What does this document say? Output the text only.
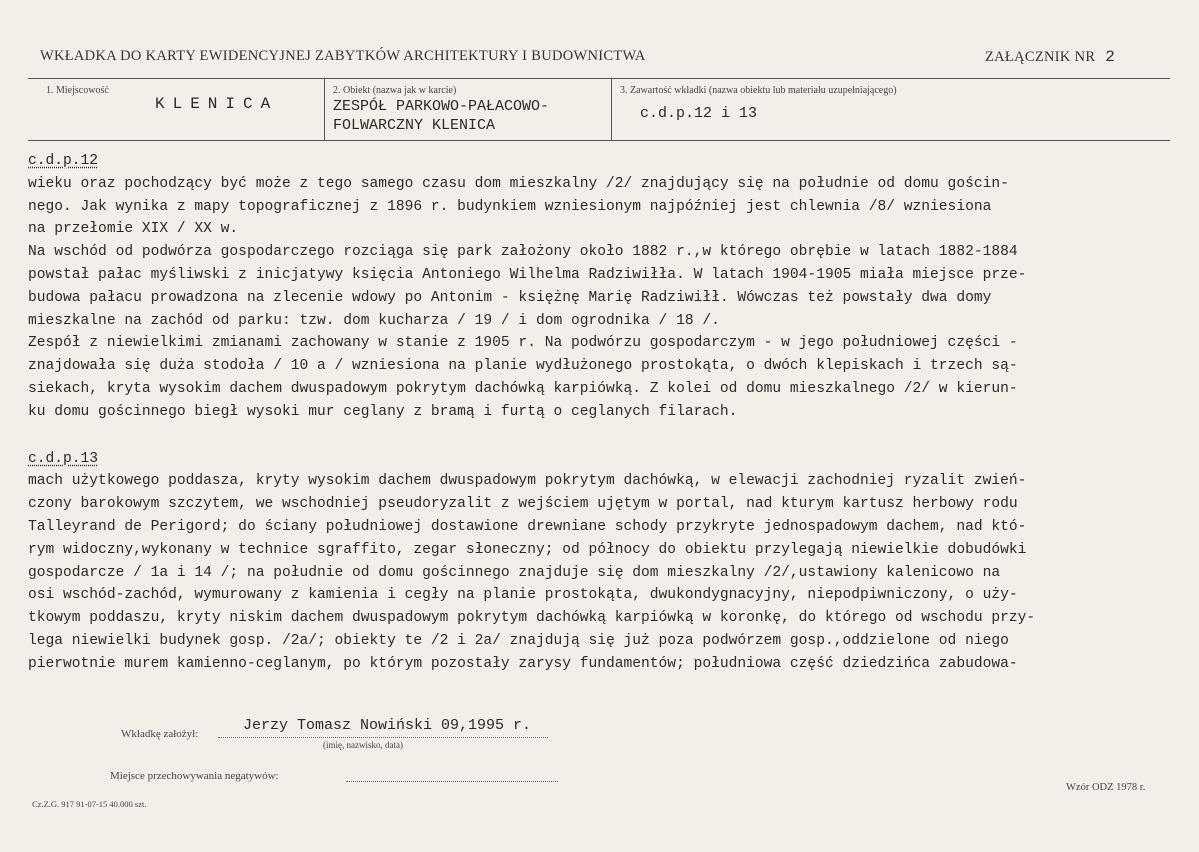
WKŁADKA DO KARTY EWIDENCYJNEJ ZABYTKÓW ARCHITEKTURY I BUDOWNICTWA	ZAŁĄCZNIK NR 2
1. Miejscowość
KLENICA
2. Obiekt (nazwa jak w karcie)
ZESPÓŁ PARKOWO-PAŁACOWO-
FOLWARCZNY KLENICA
3. Zawartość wkładki (nazwa obiektu lub materiału uzupełniającego)
c.d.p.12 i 13

c.d.p.12

wieku oraz pochodzący być może z tego samego czasu dom mieszkalny /2/ znajdujący się na południe od domu gościn-

nego. Jak wynika z mapy topograficznej z 1896 r. budynkiem wzniesionym najpóźniej jest chlewnia /8/ wzniesiona

na przełomie XIX / XX w.

Na wschód od podwórza gospodarczego rozciąga się park założony około 1882 r.,w którego obrębie w latach 1882-1884

powstał pałac myśliwski z inicjatywy księcia Antoniego Wilhelma Radziwiłła. W latach 1904-1905 miała miejsce prze-

budowa pałacu prowadzona na zlecenie wdowy po Antonim - księżnę Marię Radziwiłł. Wówczas też powstały dwa domy

mieszkalne na zachód od parku: tzw. dom kucharza / 19 / i dom ogrodnika / 18 /.

Zespół z niewielkimi zmianami zachowany w stanie z 1905 r. Na podwórzu gospodarczym - w jego południowej części -

znajdowała się duża stodoła / 10 a / wzniesiona na planie wydłużonego prostokąta, o dwóch klepiskach i trzech są-

siekach, kryta wysokim dachem dwuspadowym pokrytym dachówką karpiówką. Z kolei od domu mieszkalnego /2/ w kierun-

ku domu gościnnego biegł wysoki mur ceglany z bramą i furtą o ceglanych filarach.

c.d.p.13

mach użytkowego poddasza, kryty wysokim dachem dwuspadowym pokrytym dachówką, w elewacji zachodniej ryzalit zwień-

czony barokowym szczytem, we wschodniej pseudoryzalit z wejściem ujętym w portal, nad kturym kartusz herbowy rodu

Talleyrand de Perigord; do ściany południowej dostawione drewniane schody przykryte jednospadowym dachem, nad któ-

rym widoczny,wykonany w technice sgraffito, zegar słoneczny; od północy do obiektu przylegają niewielkie dobudówki

gospodarcze / 1a i 14 /; na południe od domu gościnnego znajduje się dom mieszkalny /2/,ustawiony kalenicowo na

osi wschód-zachód, wymurowany z kamienia i cegły na planie prostokąta, dwukondygnacyjny, niepodpiwniczony, o uży-

tkowym poddaszu, kryty niskim dachem dwuspadowym pokrytym dachówką karpiówką w koronkę, do którego od wschodu przy-

lega niewielki budynek gosp. /2a/; obiekty te /2 i 2a/ znajdują się już poza podwórzem gosp.,oddzielone od niego

pierwotnie murem kamienno-ceglanym, po którym pozostały zarysy fundamentów; południowa część dziedzińca zabudowa-

Wkładkę założył:	Jerzy Tomasz Nowiński 09,1995 r.
(imię, nazwisko, data)
Miejsce przechowywania negatywów:
Wzór ODZ 1978 r.
Cz.Z.G. 917 91-07-15 40.000 szt.
